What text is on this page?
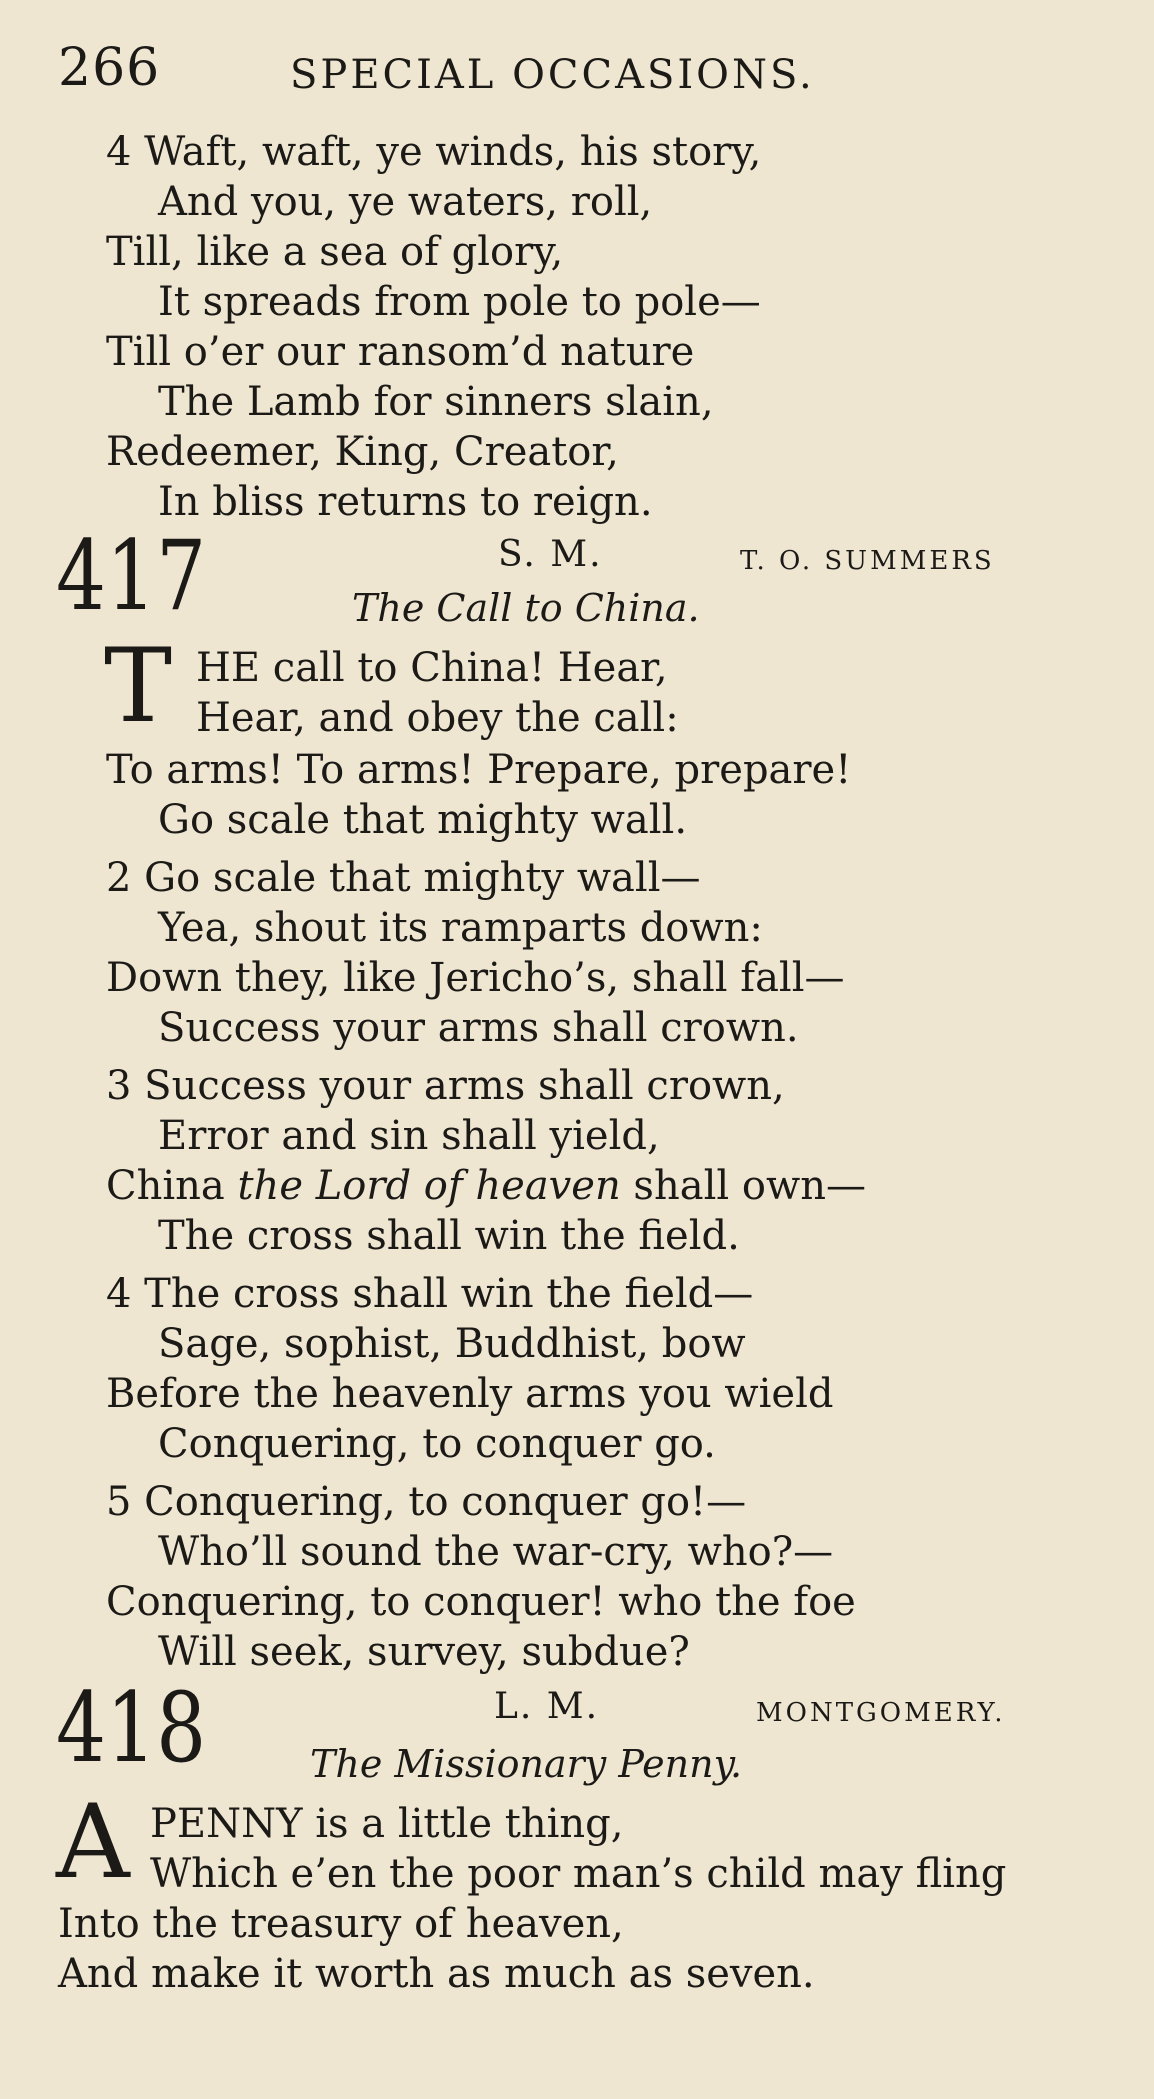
266	SPECIAL OCCASIONS.
4 Waft, waft, ye winds, his story,
And you, ye waters, roll,
Till, like a sea of glory,
It spreads from pole to pole—
Till o’er our ransom’d nature
The Lamb for sinners slain,
Redeemer, King, Creator,
In bliss returns to reign.
417	S. M.	T. O. SUMMERS
The Call to China.
T HE call to China! Hear,
Hear, and obey the call:
To arms! To arms! Prepare, prepare!
Go scale that mighty wall.
2 Go scale that mighty wall—
Yea, shout its ramparts down:
Down they, like Jericho’s, shall fall—
Success your arms shall crown.
3 Success your arms shall crown,
Error and sin shall yield,
China the Lord of heaven shall own—
The cross shall win the field.
4 The cross shall win the field—
Sage, sophist, Buddhist, bow
Before the heavenly arms you wield
Conquering, to conquer go.
5 Conquering, to conquer go!—
Who’ll sound the war-cry, who?—
Conquering, to conquer! who the foe
Will seek, survey, subdue?
418	L. M.	MONTGOMERY.
The Missionary Penny.
A PENNY is a little thing,
Which e’en the poor man’s child may fling
Into the treasury of heaven,
And make it worth as much as seven.
